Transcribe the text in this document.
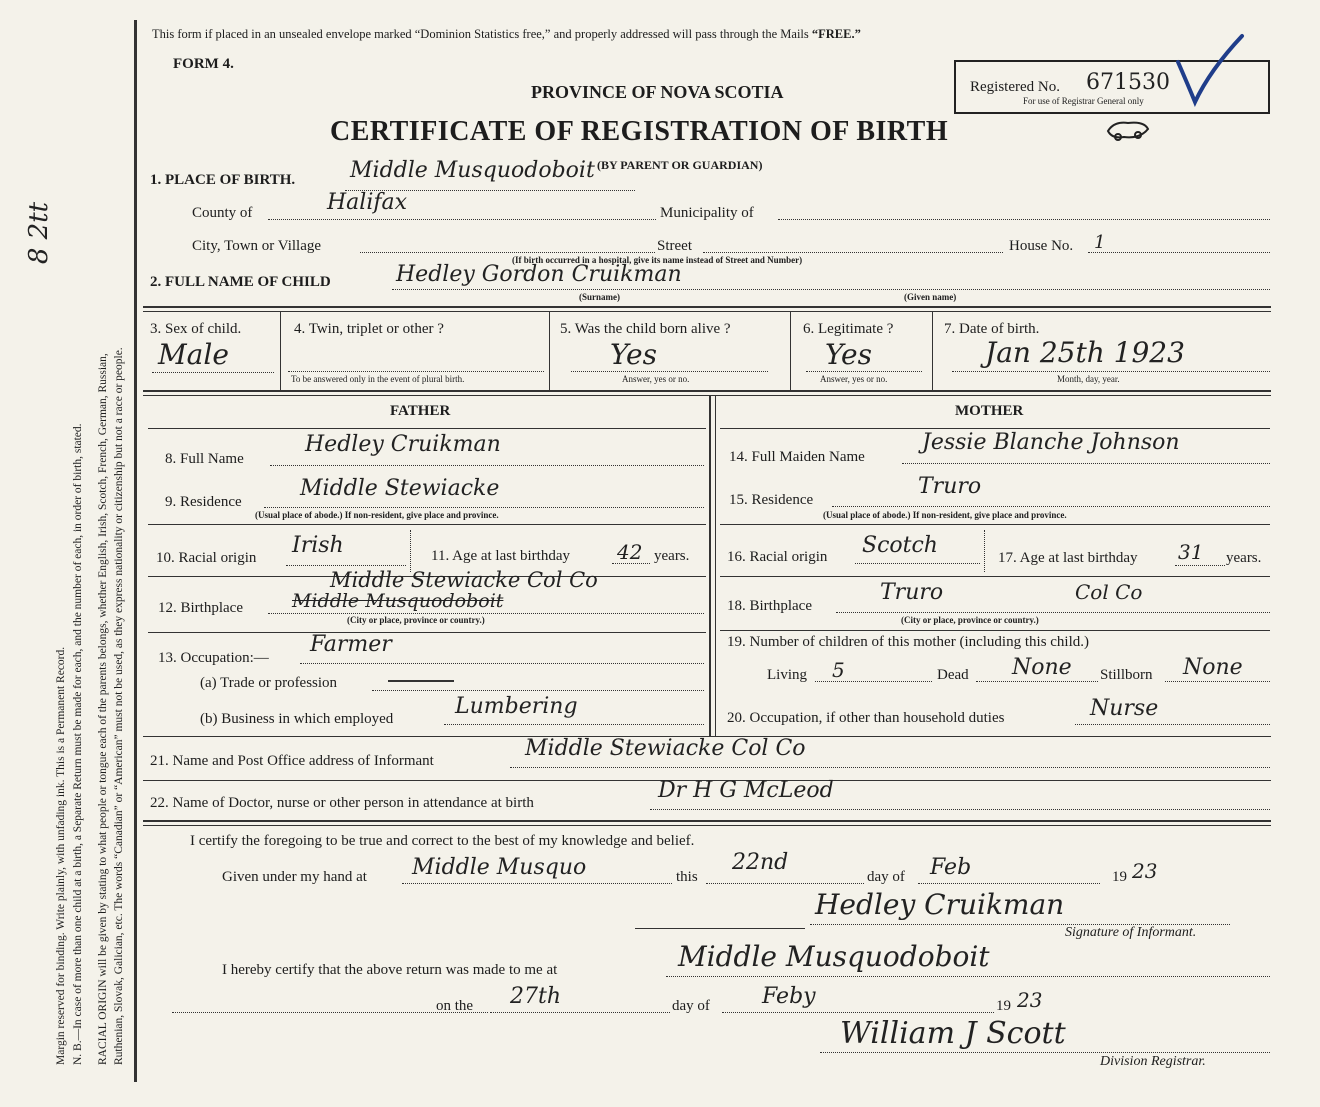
Margin reserved for binding. Write plainly, with unfading ink. This is a Permanent Record. N. B.—In case of more than one child at a birth, a Separate Return must be made for each, and the number of each, in order of birth, stated. RACIAL ORIGIN will be given by stating to what people or tongue each of the parents belongs, whether English, Irish, Scotch, French, German, Russian, Ruthenian, Slovak, Galician, etc. The words “Canadian” or “American” must not be used, as they express nationality or citizenship but not a race or people.
8 2tt
This form if placed in an unsealed envelope marked “Dominion Statistics free,” and properly addressed will pass through the Mails “FREE.”
FORM 4.
PROVINCE OF NOVA SCOTIA
CERTIFICATE OF REGISTRATION OF BIRTH
(BY PARENT OR GUARDIAN)
Registered No. 671530
For use of Registrar General only
1. PLACE OF BIRTH. Middle Musquodoboit
County of	Halifax	Municipality of
City, Town or Village	Street	House No. 1
(If birth occurred in a hospital, give its name instead of Street and Number)
2. FULL NAME OF CHILD	Hedley Gordon Cruikman
(Surname)	(Given name)
3. Sex of child.
Male
4. Twin, triplet or other ?
To be answered only in the event of plural birth.
5. Was the child born alive ?
Yes
Answer, yes or no.
6. Legitimate ?
Yes
Answer, yes or no.
7. Date of birth.
Jan 25th 1923
Month, day, year.
FATHER	MOTHER
8. Full Name
Hedley Cruikman
9. Residence
Middle Stewiacke
(Usual place of abode.) If non-resident, give place and province.
10. Racial origin Irish	11. Age at last birthday 42 years.
12. Birthplace
Middle Stewiacke Col Co
Middle Musquodoboit
(City or place, province or country.)
13. Occupation:—
Farmer
(a) Trade or profession
(b) Business in which employed	Lumbering
14. Full Maiden Name
Jessie Blanche Johnson
15. Residence
Truro
(Usual place of abode.) If non-resident, give place and province.
16. Racial origin Scotch	17. Age at last birthday 31 years.
18. Birthplace
Truro	Col Co
(City or place, province or country.)
19. Number of children of this mother (including this child.)
Living 5	Dead None Stillborn None
20. Occupation, if other than household duties	Nurse
21. Name and Post Office address of Informant	Middle Stewiacke Col Co
22. Name of Doctor, nurse or other person in attendance at birth	Dr H G McLeod
I certify the foregoing to be true and correct to the best of my knowledge and belief.
Given under my hand at Middle Musquo	this
22nd
day of Feb	19 23
Hedley Cruikman
Signature of Informant.
I hereby certify that the above return was made to me at	Middle Musquodoboit
on the 27th	day of Feby	19 23
William J Scott
Division Registrar.
